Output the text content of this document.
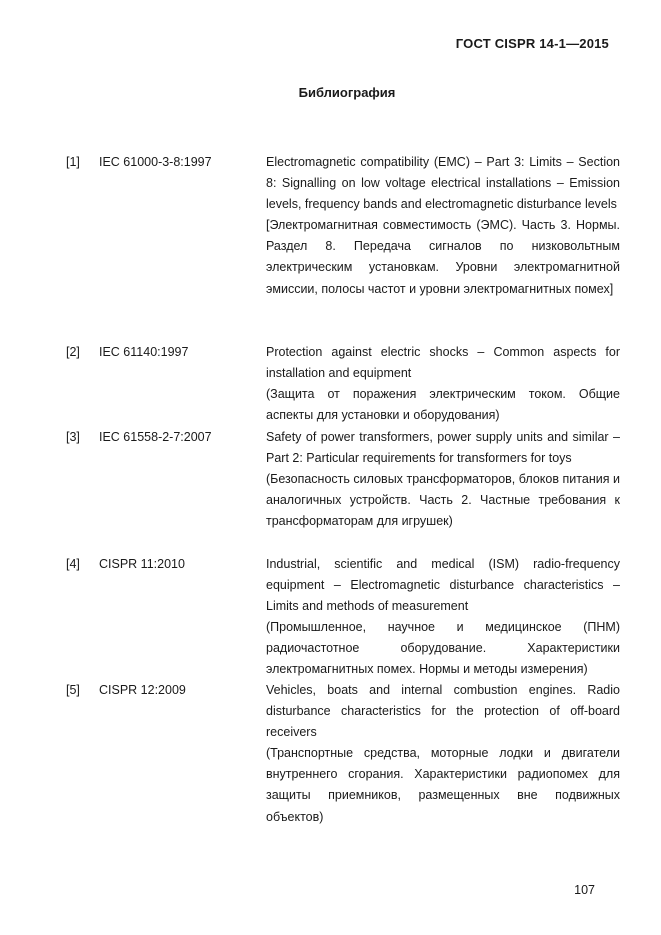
ГОСТ CISPR 14-1—2015
Библиография
[1] IEC 61000-3-8:1997	Electromagnetic compatibility (EMC) – Part 3: Limits – Section 8: Signalling on low voltage electrical installations – Emission levels, frequency bands and electromagnetic disturbance levels

[Электромагнитная совместимость (ЭМС). Часть 3. Нормы. Раздел 8. Передача сигналов по низковольтным электрическим установкам. Уровни электромагнитной эмиссии, полосы частот и уровни электромагнитных помех]

[2] IEC 61140:1997	Protection against electric shocks – Common aspects for installation and equipment

(Защита от поражения электрическим током. Общие аспекты для установки и оборудования)

[3] IEC 61558-2-7:2007	Safety of power transformers, power supply units and similar – Part 2: Particular requirements for transformers for toys

(Безопасность силовых трансформаторов, блоков питания и аналогичных устройств. Часть 2. Частные требования к трансформаторам для игрушек)

[4] CISPR 11:2010	Industrial, scientific and medical (ISM) radio-frequency equipment – Electromagnetic disturbance characteristics – Limits and methods of measurement

(Промышленное, научное и медицинское (ПНМ) радиочастотное оборудование. Характеристики электромагнитных помех. Нормы и методы измерения)

[5] CISPR 12:2009	Vehicles, boats and internal combustion engines. Radio disturbance characteristics for the protection of off-board receivers

(Транспортные средства, моторные лодки и двигатели внутреннего сгорания. Характеристики радиопомех для защиты приемников, размещенных вне подвижных объектов)

107
